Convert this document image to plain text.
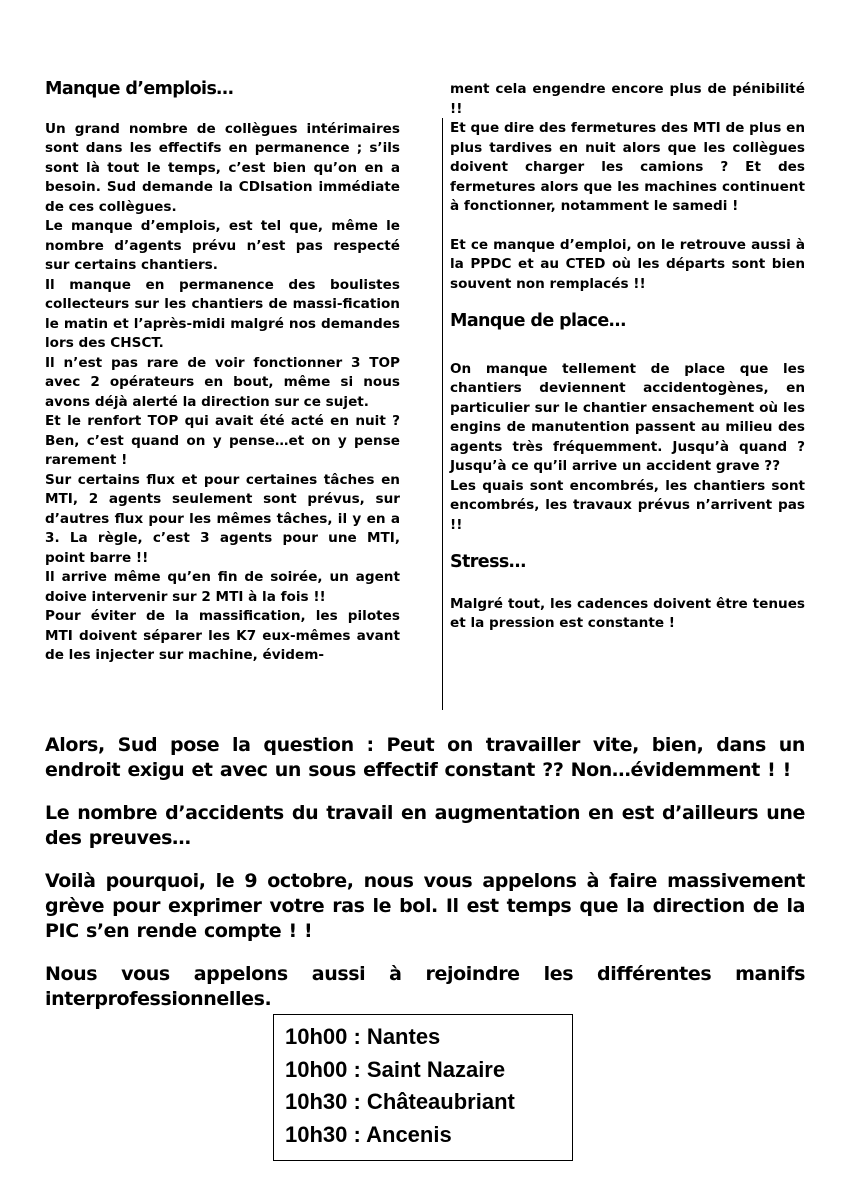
Manque d’emplois…

Un grand nombre de collègues intérimaires sont dans les effectifs en permanence ; s’ils sont là tout le temps, c’est bien qu’on en a besoin. Sud demande la CDIsation immédiate de ces collègues.

Le manque d’emplois, est tel que, même le nombre d’agents prévu n’est pas respecté sur certains chantiers.

Il manque en permanence des boulistes collecteurs sur les chantiers de massi-fication le matin et l’après-midi malgré nos demandes lors des CHSCT.

Il n’est pas rare de voir fonctionner 3 TOP avec 2 opérateurs en bout, même si nous avons déjà alerté la direction sur ce sujet.

Et le renfort TOP qui avait été acté en nuit ? Ben, c’est quand on y pense…et on y pense rarement !

Sur certains flux et pour certaines tâches en MTI, 2 agents seulement sont prévus, sur d’autres flux pour les mêmes tâches, il y en a 3. La règle, c’est 3 agents pour une MTI, point barre !!

Il arrive même qu’en fin de soirée, un agent doive intervenir sur 2 MTI à la fois !!

Pour éviter de la massification, les pilotes MTI doivent séparer les K7 eux-mêmes avant de les injecter sur machine, évidem-

ment cela engendre encore plus de pénibilité !!

Et que dire des fermetures des MTI de plus en plus tardives en nuit alors que les collègues doivent charger les camions ? Et des fermetures alors que les machines continuent à fonctionner, notamment le samedi !

Et ce manque d’emploi, on le retrouve aussi à la PPDC et au CTED où les départs sont bien souvent non remplacés !!

Manque de place…

On manque tellement de place que les chantiers deviennent accidentogènes, en particulier sur le chantier ensachement où les engins de manutention passent au milieu des agents très fréquemment. Jusqu’à quand ? Jusqu’à ce qu’il arrive un accident grave ??

Les quais sont encombrés, les chantiers sont encombrés, les travaux prévus n’arrivent pas !!

Stress…

Malgré tout, les cadences doivent être tenues et la pression est constante !

Alors, Sud pose la question : Peut on travailler vite, bien, dans un endroit exigu et avec un sous effectif constant ?? Non…évidemment ! !

Le nombre d’accidents du travail en augmentation en est d’ailleurs une des preuves…

Voilà pourquoi, le 9 octobre, nous vous appelons à faire massivement grève pour exprimer votre ras le bol. Il est temps que la direction de la PIC s’en rende compte ! !

Nous vous appelons aussi à rejoindre les différentes manifs interprofessionnelles.

10h00 : Nantes
10h00 : Saint Nazaire
10h30 : Châteaubriant
10h30 : Ancenis
